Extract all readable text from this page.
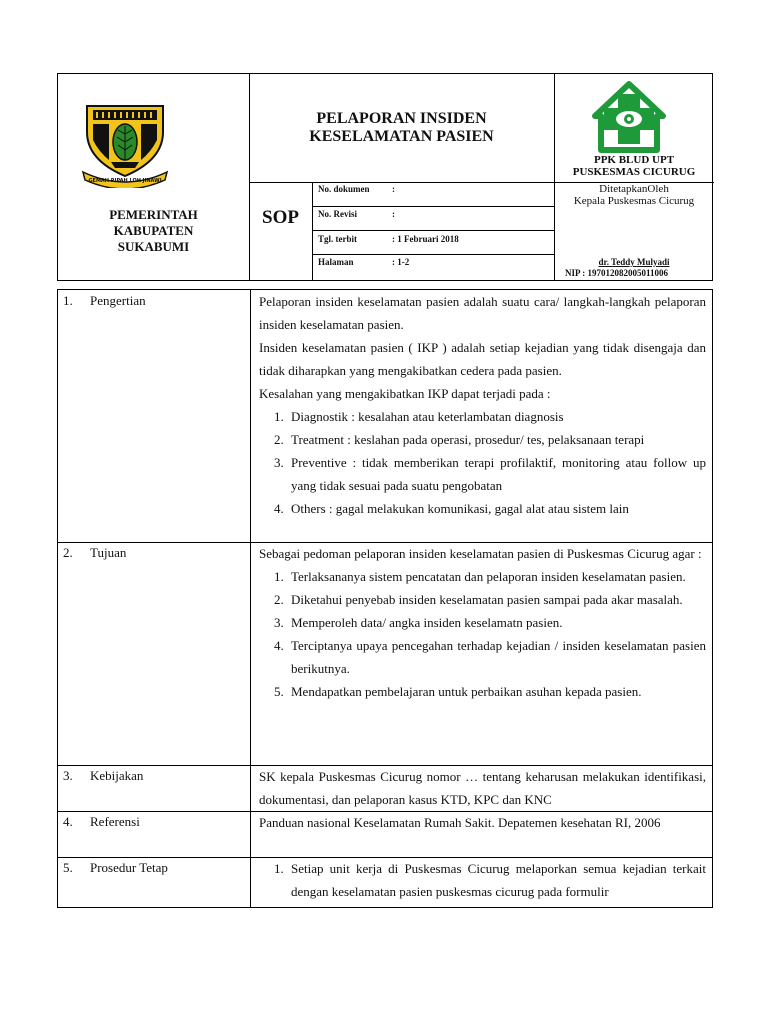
GEMAH RIPAH LOH JINAWI
PEMERINTAH
KABUPATEN
SUKABUMI
PELAPORAN INSIDEN
KESELAMATAN PASIEN
SOP
No. dokumen :
No. Revisi	:
Tgl. terbit	: 1 Februari 2018
Halaman	: 1-2
PPK BLUD UPT
PUSKESMAS CICURUG
DitetapkanOleh
Kepala Puskesmas Cicurug
dr. Teddy Mulyadi
NIP : 197012082005011006
1. Pengertian	Pelaporan insiden keselamatan pasien adalah suatu cara/ langkah-langkah pelaporan insiden keselamatan pasien.

Insiden keselamatan pasien ( IKP ) adalah setiap kejadian yang tidak disengaja dan tidak diharapkan yang mengakibatkan cedera pada pasien.

Kesalahan yang mengakibatkan IKP dapat terjadi pada :

1. Diagnostik : kesalahan atau keterlambatan diagnosis
2. Treatment : keslahan pada operasi, prosedur/ tes, pelaksanaan terapi
3. Preventive : tidak memberikan terapi profilaktif, monitoring atau follow up yang tidak sesuai pada suatu pengobatan
4. Others : gagal melakukan komunikasi, gagal alat atau sistem lain
2. Tujuan	Sebagai pedoman pelaporan insiden keselamatan pasien di Puskesmas Cicurug agar :

1. Terlaksananya sistem pencatatan dan pelaporan insiden keselamatan pasien.
2. Diketahui penyebab insiden keselamatan pasien sampai pada akar masalah.
3. Memperoleh data/ angka insiden keselamatn pasien.
4. Terciptanya upaya pencegahan terhadap kejadian / insiden keselamatan pasien berikutnya.
5. Mendapatkan pembelajaran untuk perbaikan asuhan kepada pasien.
3. Kebijakan	SK kepala Puskesmas Cicurug nomor … tentang keharusan melakukan identifikasi, dokumentasi, dan pelaporan kasus KTD, KPC dan KNC

4. Referensi	Panduan nasional Keselamatan Rumah Sakit. Depatemen kesehatan RI, 2006

5. Prosedur Tetap
1.	Setiap unit kerja di Puskesmas Cicurug melaporkan semua kejadian terkait dengan keselamatan pasien puskesmas cicurug pada formulir
